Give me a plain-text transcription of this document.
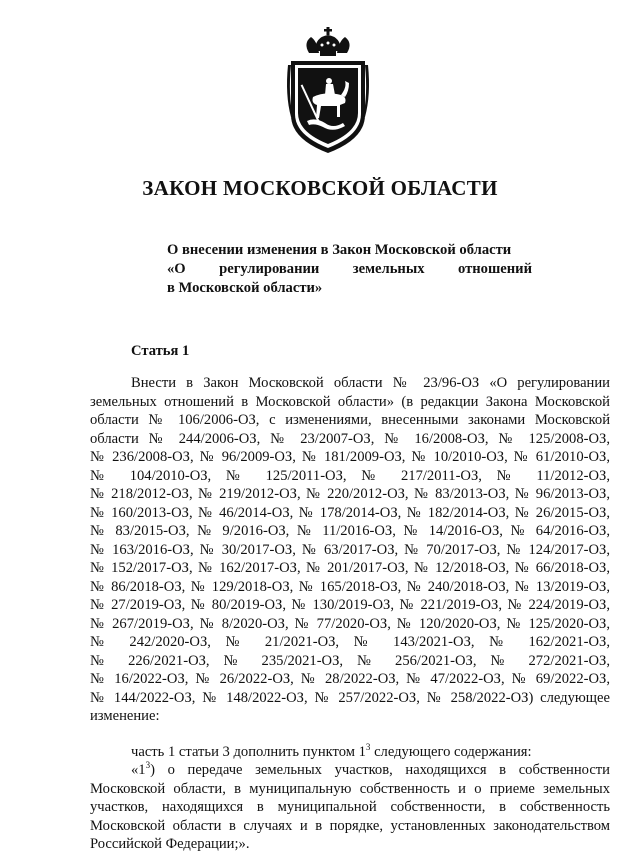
ЗАКОН МОСКОВСКОЙ ОБЛАСТИ
О внесении изменения в Закон Московской области
«О регулировании земельных отношений
в Московской области»
Статья 1
Внести в Закон Московской области № 23/96-ОЗ «О регулировании
земельных отношений в Московской области» (в редакции Закона Московской
области № 106/2006-ОЗ, с изменениями, внесенными законами Московской
области № 244/2006-ОЗ, № 23/2007-ОЗ, № 16/2008-ОЗ, № 125/2008-ОЗ,
№ 236/2008-ОЗ, № 96/2009-ОЗ, № 181/2009-ОЗ, № 10/2010-ОЗ, № 61/2010-ОЗ,
№ 104/2010-ОЗ, № 125/2011-ОЗ, № 217/2011-ОЗ, № 11/2012-ОЗ,
№ 218/2012-ОЗ, № 219/2012-ОЗ, № 220/2012-ОЗ, № 83/2013-ОЗ, № 96/2013-ОЗ,
№ 160/2013-ОЗ, № 46/2014-ОЗ, № 178/2014-ОЗ, № 182/2014-ОЗ, № 26/2015-ОЗ,
№ 83/2015-ОЗ, № 9/2016-ОЗ, № 11/2016-ОЗ, № 14/2016-ОЗ, № 64/2016-ОЗ,
№ 163/2016-ОЗ, № 30/2017-ОЗ, № 63/2017-ОЗ, № 70/2017-ОЗ, № 124/2017-ОЗ,
№ 152/2017-ОЗ, № 162/2017-ОЗ, № 201/2017-ОЗ, № 12/2018-ОЗ, № 66/2018-ОЗ,
№ 86/2018-ОЗ, № 129/2018-ОЗ, № 165/2018-ОЗ, № 240/2018-ОЗ, № 13/2019-ОЗ,
№ 27/2019-ОЗ, № 80/2019-ОЗ, № 130/2019-ОЗ, № 221/2019-ОЗ, № 224/2019-ОЗ,
№ 267/2019-ОЗ, № 8/2020-ОЗ, № 77/2020-ОЗ, № 120/2020-ОЗ, № 125/2020-ОЗ,
№ 242/2020-ОЗ, № 21/2021-ОЗ, № 143/2021-ОЗ, № 162/2021-ОЗ,
№ 226/2021-ОЗ, № 235/2021-ОЗ, № 256/2021-ОЗ, № 272/2021-ОЗ,
№ 16/2022-ОЗ, № 26/2022-ОЗ, № 28/2022-ОЗ, № 47/2022-ОЗ, № 69/2022-ОЗ,
№ 144/2022-ОЗ, № 148/2022-ОЗ, № 257/2022-ОЗ, № 258/2022-ОЗ) следующее
изменение:
часть 1 статьи 3 дополнить пунктом $1^3$ следующего содержания:
«$1^3$) о передаче земельных участков, находящихся в собственности
Московской области, в муниципальную собственность и о приеме земельных
участков, находящихся в муниципальной собственности, в собственность
Московской области в случаях и в порядке, установленных законодательством
Российской Федерации;».
